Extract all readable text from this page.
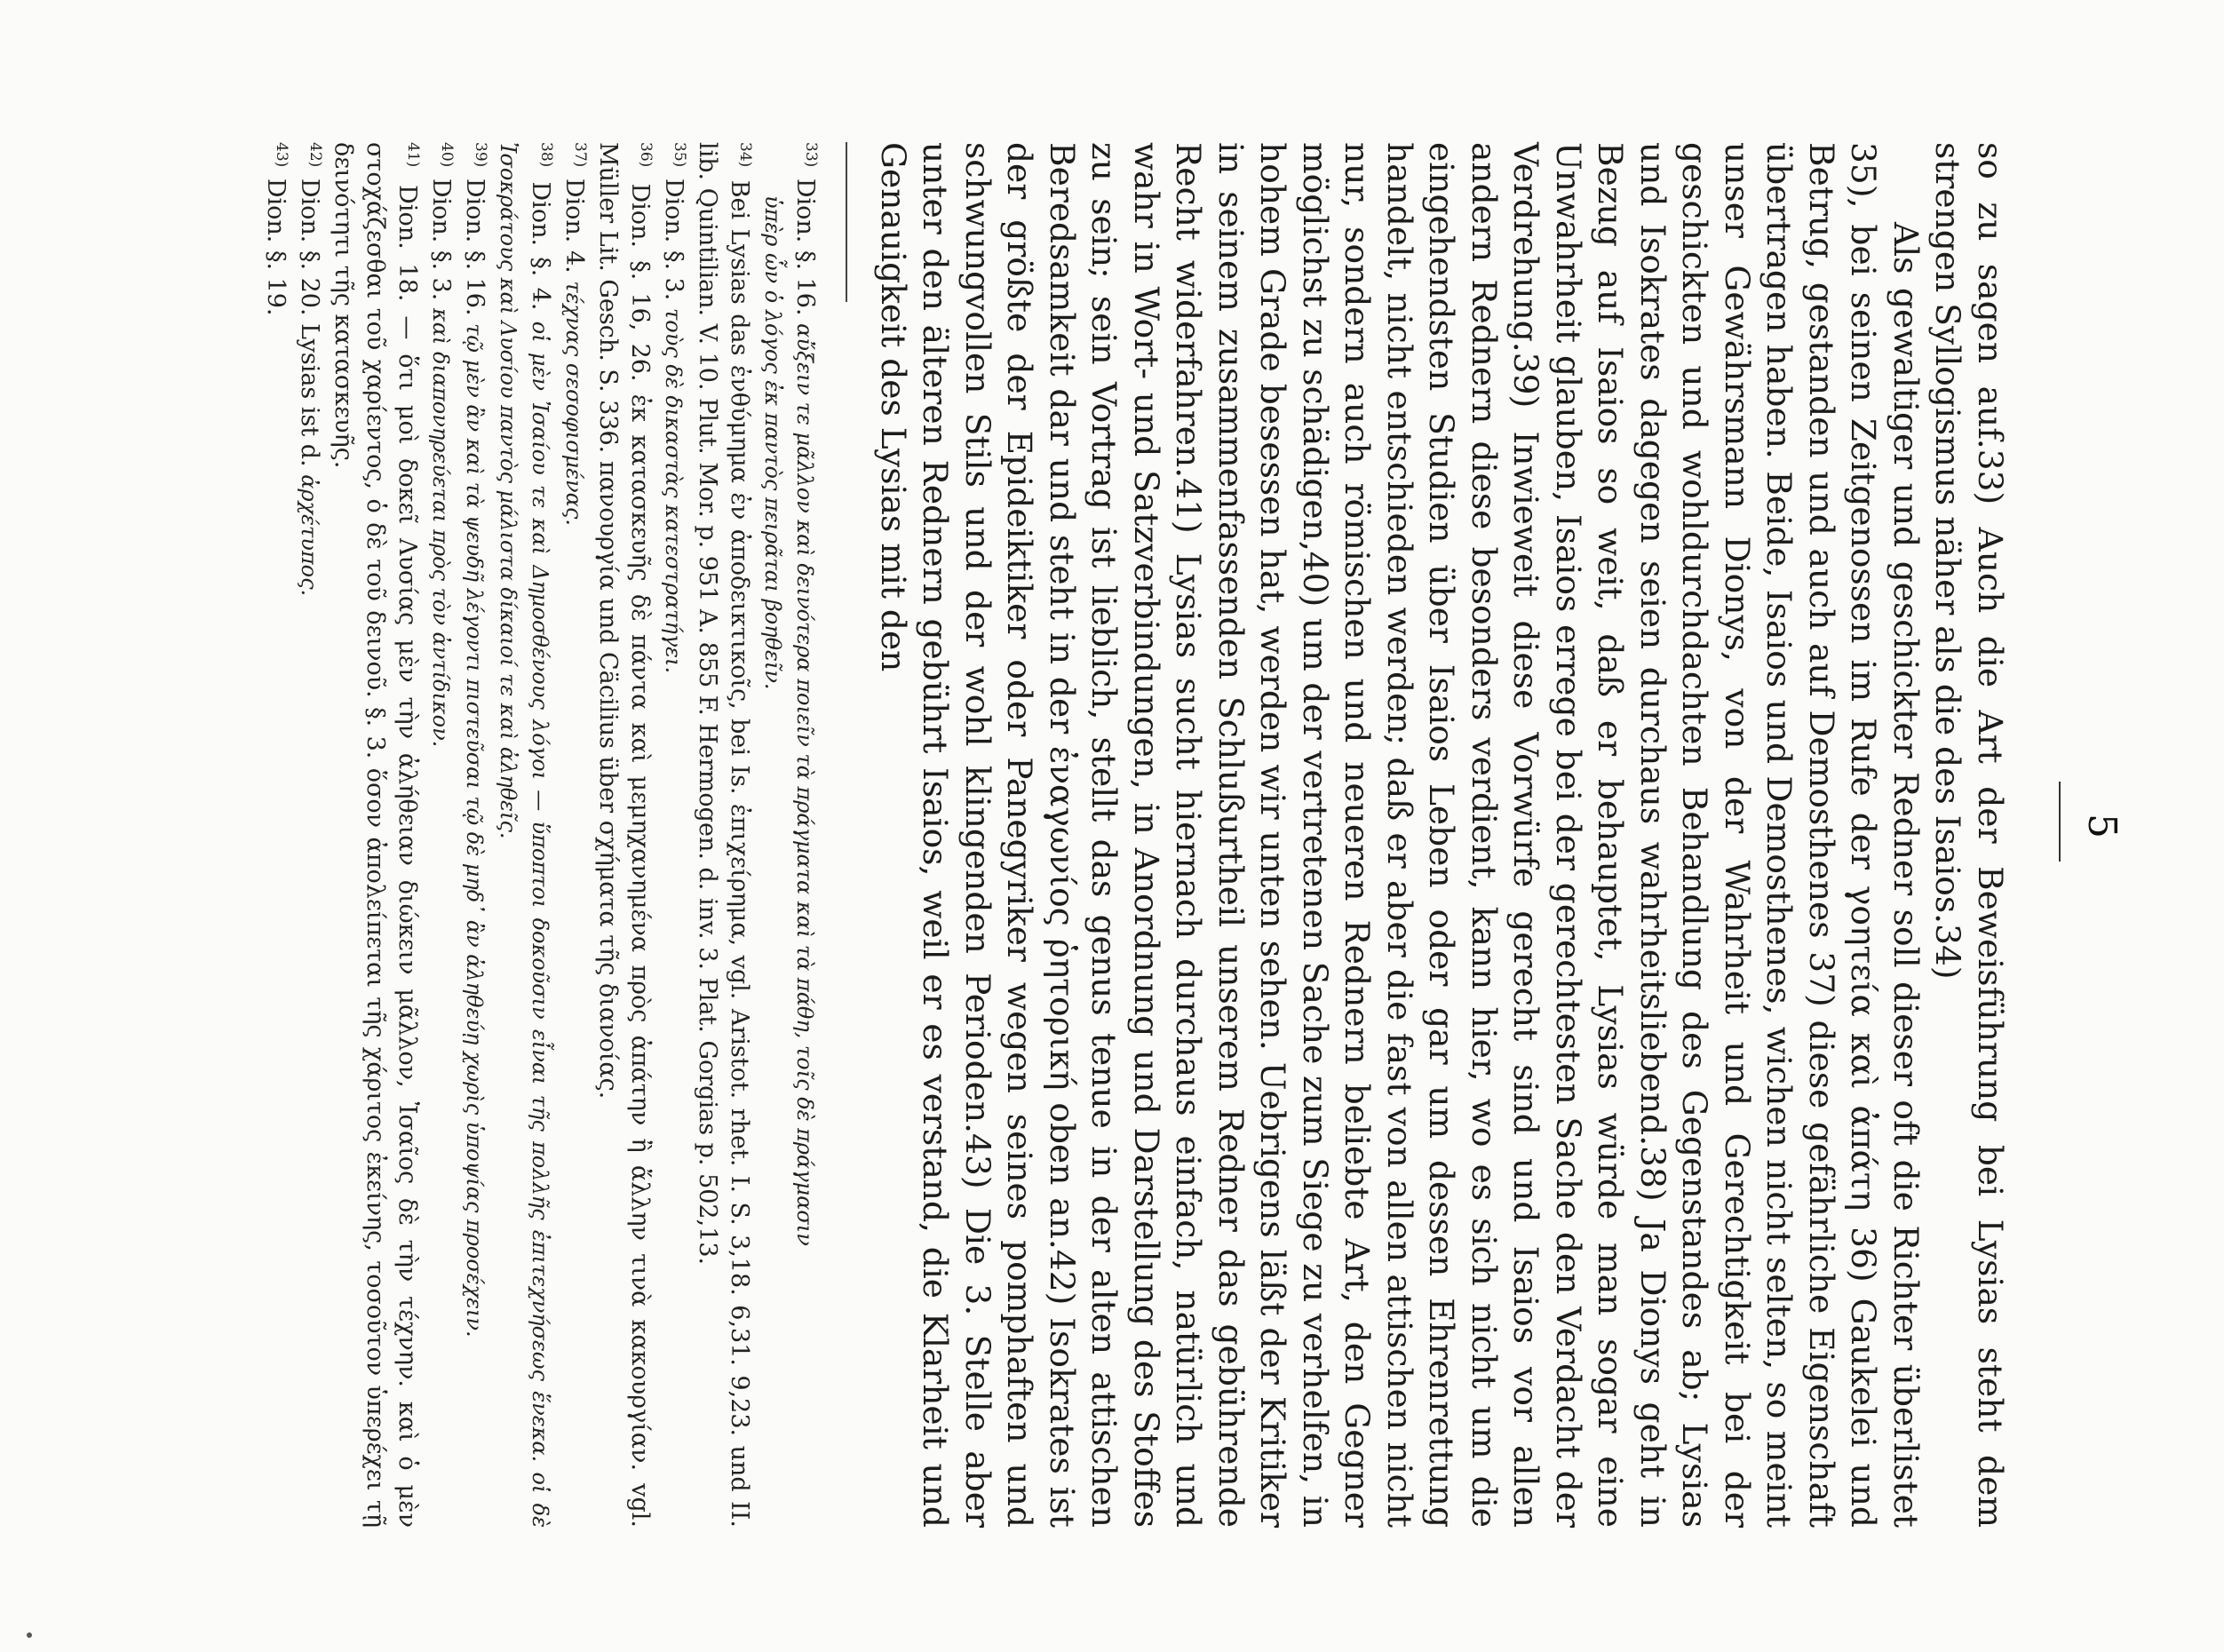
5

so zu sagen auf.33) Auch die Art der Beweisführung bei Lysias steht dem strengen Syllogismus näher als die des Isaios.34)

Als gewaltiger und geschickter Redner soll dieser oft die Richter überlistet 35), bei seinen Zeitgenossen im Rufe der γοητεία καὶ ἀπάτη 36) Gaukelei und Betrug, gestanden und auch auf Demosthenes 37) diese gefährliche Eigenschaft übertragen haben. Beide, Isaios und Demosthenes, wichen nicht selten, so meint unser Gewährsmann Dionys, von der Wahrheit und Gerechtigkeit bei der geschickten und wohldurchdachten Behandlung des Gegenstandes ab; Lysias und Isokrates dagegen seien durchaus wahrheitsliebend.38) Ja Dionys geht in Bezug auf Isaios so weit, daß er behauptet, Lysias würde man sogar eine Unwahrheit glauben, Isaios errege bei der gerechtesten Sache den Verdacht der Verdrehung.39) Inwieweit diese Vorwürfe gerecht sind und Isaios vor allen andern Rednern diese besonders verdient, kann hier, wo es sich nicht um die eingehendsten Studien über Isaios Leben oder gar um dessen Ehrenrettung handelt, nicht entschieden werden; daß er aber die fast von allen attischen nicht nur, sondern auch römischen und neueren Rednern beliebte Art, den Gegner möglichst zu schädigen,40) um der vertretenen Sache zum Siege zu verhelfen, in hohem Grade besessen hat, werden wir unten sehen. Uebrigens läßt der Kritiker in seinem zusammenfassenden Schlußurtheil unserem Redner das gebührende Recht widerfahren.41) Lysias sucht hiernach durchaus einfach, natürlich und wahr in Wort- und Satzverbindungen, in Anordnung und Darstellung des Stoffes zu sein; sein Vortrag ist lieblich, stellt das genus tenue in der alten attischen Beredsamkeit dar und steht in der ἐναγωνίος ῥητορική oben an.42) Isokrates ist der größte der Epideiktiker oder Panegyriker wegen seines pomphaften und schwungvollen Stils und der wohl klingenden Perioden.43) Die 3. Stelle aber unter den älteren Rednern gebührt Isaios, weil er es verstand, die Klarheit und Genauigkeit des Lysias mit den

$^{33)}$ Dion. §. 16. αὔξειν τε μᾶλλον καὶ δεινότερα ποιεῖν τὰ πράγματα καὶ τὰ πάθη, τοῖς δὲ πράγμασιν
ὑπὲρ ὧν ὁ λόγος ἐκ παντὸς πειρᾶται βοηθεῖν.
$^{34)}$ Bei Lysias das ἐνθύμημα ἐν ἀποδεικτικοῖς, bei Is. ἐπιχείρημα, vgl. Aristot. rhet. I. S. 3,18. 6,31. 9,23. und II. lib. Quintilian. V. 10. Plut. Mor. p. 951 A. 855 F. Hermogen. d. inv. 3. Plat. Gorgias p. 502,13.
$^{35)}$ Dion. §. 3. τοὺς δὲ δικαστὰς κατεστρατήγει.
$^{36)}$ Dion. §. 16, 26. ἐκ κατασκευῆς δὲ πάντα καὶ μεμηχανημένα πρὸς ἀπάτην ἢ ἄλλην τινὰ κακουργίαν. vgl. Müller Lit. Gesch. S. 336. πανουργία und Cäcilius über σχήματα τῆς διανοίας.
$^{37)}$ Dion. 4. τέχνας σεσοφισμένας.
$^{38)}$ Dion. §. 4. οἱ μὲν Ἰσαίου τε καὶ Δημοσθένους λόγοι — ὕποπτοι δοκοῦσιν εἶναι τῆς πολλῆς ἐπιτεχνήσεως ἕνεκα. οἱ δὲ Ἰσοκράτους καὶ Λυσίου παντὸς μάλιστα δίκαιοί τε καὶ ἀληθεῖς.
$^{39)}$ Dion. §. 16. τῷ μὲν ἂν καὶ τὰ ψευδῆ λέγοντι πιστεῦσαι τῷ δὲ μηδ᾽ ἂν ἀληθεύῃ χωρὶς ὑποψίας προσέχειν.
$^{40)}$ Dion. §. 3. καὶ διαπονηρεύεται πρὸς τὸν ἀντίδικον.
$^{41)}$ Dion. 18. — ὅτι μοὶ δοκεῖ Λυσίας μὲν τὴν ἀλήθειαν διώκειν μᾶλλον, Ἰσαῖος δὲ τὴν τέχνην. καὶ ὁ μὲν στοχάζεσθαι τοῦ χαρίεντος, ὁ δὲ τοῦ δεινοῦ. §. 3. ὅσον ἀπολείπεται τῆς χάριτος ἐκείνης, τοσοῦτον ὑπερέχει τῇ δεινότητι τῆς κατασκευῆς.
$^{42)}$ Dion. §. 20. Lysias ist d. ἀρχέτυπος.
$^{43)}$ Dion. §. 19.
